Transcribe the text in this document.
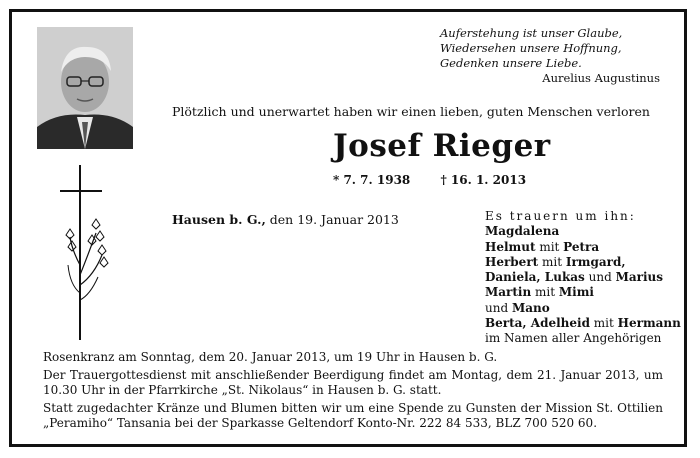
Auferstehung ist unser Glaube,
Wiedersehen unsere Hoffnung,
Gedenken unsere Liebe.
Aurelius Augustinus
Plötzlich und unerwartet haben wir einen lieben, guten Menschen verloren
Josef Rieger
* 7. 7. 1938	† 16. 1. 2013
Hausen b. G., den 19. Januar 2013	Es trauern um ihn:
Magdalena
Helmut mit Petra
Herbert mit Irmgard,
Daniela, Lukas und Marius
Martin mit Mimi
und Mano
Berta, Adelheid mit Hermann
im Namen aller Angehörigen

Rosenkranz am Sonntag, dem 20. Januar 2013, um 19 Uhr in Hausen b. G.

Der Trauergottesdienst mit anschließender Beerdigung findet am Montag, dem 21. Januar 2013, um 10.30 Uhr in der Pfarrkirche „St. Nikolaus“ in Hausen b. G. statt.

Statt zugedachter Kränze und Blumen bitten wir um eine Spende zu Gunsten der Mission St. Ottilien „Peramiho“ Tansania bei der Sparkasse Geltendorf Konto-Nr. 222 84 533, BLZ 700 520 60.
